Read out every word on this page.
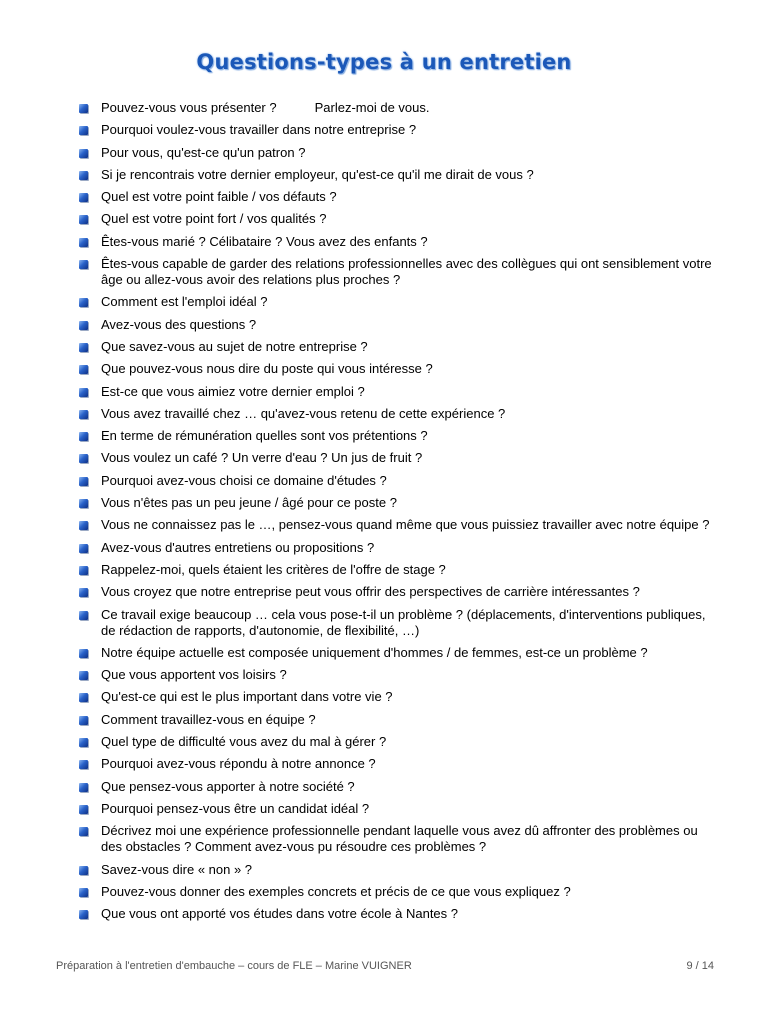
Questions-types à un entretien
Pouvez-vous vous présenter ?	Parlez-moi de vous.
Pourquoi voulez-vous travailler dans notre entreprise ?
Pour vous, qu'est-ce qu'un patron ?
Si je rencontrais votre dernier employeur, qu'est-ce qu'il me dirait de vous ?
Quel est votre point faible / vos défauts ?
Quel est votre point fort / vos qualités ?
Êtes-vous marié ? Célibataire ? Vous avez des enfants ?
Êtes-vous capable de garder des relations professionnelles avec des collègues qui ont sensiblement votre âge ou allez-vous avoir des relations plus proches ?
Comment est l'emploi idéal ?
Avez-vous des questions ?
Que savez-vous au sujet de notre entreprise ?
Que pouvez-vous nous dire du poste qui vous intéresse ?
Est-ce que vous aimiez votre dernier emploi ?
Vous avez travaillé chez … qu'avez-vous retenu de cette expérience ?
En terme de rémunération quelles sont vos prétentions ?
Vous voulez un café ? Un verre d'eau ? Un jus de fruit ?
Pourquoi avez-vous choisi ce domaine d'études ?
Vous n'êtes pas un peu jeune / âgé pour ce poste ?
Vous ne connaissez pas le …, pensez-vous quand même que vous puissiez travailler avec notre équipe ?
Avez-vous d'autres entretiens ou propositions ?
Rappelez-moi, quels étaient les critères de l'offre de stage ?
Vous croyez que notre entreprise peut vous offrir des perspectives de carrière intéressantes ?
Ce travail exige beaucoup … cela vous pose-t-il un problème ? (déplacements, d'interventions publiques, de rédaction de rapports, d'autonomie, de flexibilité, …)
Notre équipe actuelle est composée uniquement d'hommes / de femmes, est-ce un problème ?
Que vous apportent vos loisirs ?
Qu'est-ce qui est le plus important dans votre vie ?
Comment travaillez-vous en équipe ?
Quel type de difficulté vous avez du mal à gérer ?
Pourquoi avez-vous répondu à notre annonce ?
Que pensez-vous apporter à notre société ?
Pourquoi pensez-vous être un candidat idéal ?
Décrivez moi une expérience professionnelle pendant laquelle vous avez dû affronter des problèmes ou des obstacles ? Comment avez-vous pu résoudre ces problèmes ?
Savez-vous dire « non » ?
Pouvez-vous donner des exemples concrets et précis de ce que vous expliquez ?
Que vous ont apporté vos études dans votre école à Nantes ?
Préparation à l'entretien d'embauche – cours de FLE – Marine VUIGNER	9 / 14
